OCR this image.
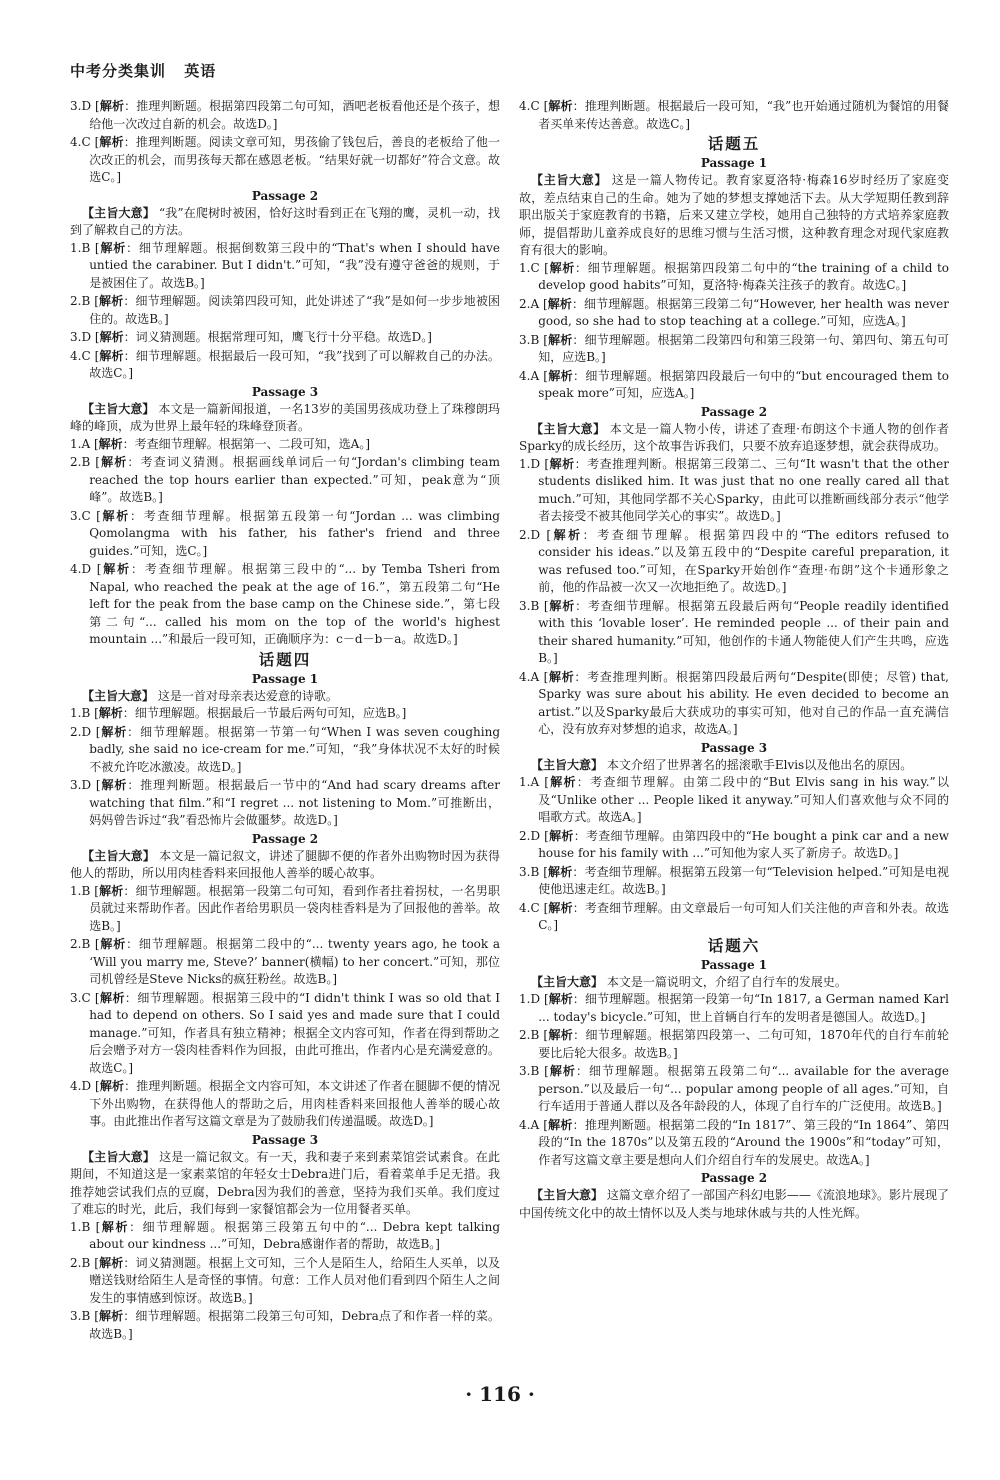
中考分类集训 英语

3.D [解析：推理判断题。根据第四段第二句可知，酒吧老板看他还是个孩子，想给他一次改过自新的机会。故选D。]

4.C [解析：推理判断题。阅读文章可知，男孩偷了钱包后，善良的老板给了他一次改正的机会，而男孩每天都在感恩老板。“结果好就一切都好”符合文意。故选C。]

Passage 2

【主旨大意】 “我”在爬树时被困，恰好这时看到正在飞翔的鹰，灵机一动，找到了解救自己的方法。

1.B [解析：细节理解题。根据倒数第三段中的“That's when I should have untied the carabiner. But I didn't.”可知，“我”没有遵守爸爸的规则，于是被困住了。故选B。]

2.B [解析：细节理解题。阅读第四段可知，此处讲述了“我”是如何一步步地被困住的。故选B。]

3.D [解析：词义猜测题。根据常理可知，鹰飞行十分平稳。故选D。]

4.C [解析：细节理解题。根据最后一段可知，“我”找到了可以解救自己的办法。故选C。]

Passage 3

【主旨大意】 本文是一篇新闻报道，一名13岁的美国男孩成功登上了珠穆朗玛峰的峰顶，成为世界上最年轻的珠峰登顶者。

1.A [解析：考查细节理解。根据第一、二段可知，选A。]

2.B [解析：考查词义猜测。根据画线单词后一句“Jordan's climbing team reached the top hours earlier than expected.”可知，peak意为“顶峰”。故选B。]

3.C [解析：考查细节理解。根据第五段第一句“Jordan ... was climbing Qomolangma with his father, his father's friend and three guides.”可知，选C。]

4.D [解析：考查细节理解。根据第三段中的“... by Temba Tsheri from Napal, who reached the peak at the age of 16.”，第五段第二句“He left for the peak from the base camp on the Chinese side.”，第七段第二句“... called his mom on the top of the world's highest mountain ...”和最后一段可知，正确顺序为：c－d－b－a。故选D。]

话题四
Passage 1

【主旨大意】 这是一首对母亲表达爱意的诗歌。

1.B [解析：细节理解题。根据最后一节最后两句可知，应选B。]

2.D [解析：细节理解题。根据第一节第一句“When I was seven coughing badly, she said no ice-cream for me.”可知，“我”身体状况不太好的时候不被允许吃冰激凌。故选D。]

3.D [解析：推理判断题。根据最后一节中的“And had scary dreams after watching that film.”和“I regret ... not listening to Mom.”可推断出，妈妈曾告诉过“我”看恐怖片会做噩梦。故选D。]

Passage 2

【主旨大意】 本文是一篇记叙文，讲述了腿脚不便的作者外出购物时因为获得他人的帮助，所以用肉桂香料来回报他人善举的暖心故事。

1.B [解析：细节理解题。根据第一段第二句可知，看到作者拄着拐杖，一名男职员就过来帮助作者。因此作者给男职员一袋肉桂香料是为了回报他的善举。故选B。]

2.B [解析：细节理解题。根据第二段中的“... twenty years ago, he took a ‘Will you marry me, Steve?’ banner(横幅) to her concert.”可知，那位司机曾经是Steve Nicks的疯狂粉丝。故选B。]

3.C [解析：细节理解题。根据第三段中的“I didn't think I was so old that I had to depend on others. So I said yes and made sure that I could manage.”可知，作者具有独立精神；根据全文内容可知，作者在得到帮助之后会赠予对方一袋肉桂香料作为回报，由此可推出，作者内心是充满爱意的。故选C。]

4.D [解析：推理判断题。根据全文内容可知，本文讲述了作者在腿脚不便的情况下外出购物，在获得他人的帮助之后，用肉桂香料来回报他人善举的暖心故事。由此推出作者写这篇文章是为了鼓励我们传递温暖。故选D。]

Passage 3

【主旨大意】 这是一篇记叙文。有一天，我和妻子来到素菜馆尝试素食。在此期间，不知道这是一家素菜馆的年轻女士Debra进门后，看着菜单手足无措。我推荐她尝试我们点的豆腐，Debra因为我们的善意，坚持为我们买单。我们度过了难忘的时光，此后，我们每到一家餐馆都会为一位用餐者买单。

1.B [解析：细节理解题。根据第三段第五句中的“... Debra kept talking about our kindness ...”可知，Debra感谢作者的帮助，故选B。]

2.B [解析：词义猜测题。根据上文可知，三个人是陌生人，给陌生人买单，以及赠送钱财给陌生人是奇怪的事情。句意：工作人员对他们看到四个陌生人之间发生的事情感到惊讶。故选B。]

3.B [解析：细节理解题。根据第二段第三句可知，Debra点了和作者一样的菜。故选B。]

4.C [解析：推理判断题。根据最后一段可知，“我”也开始通过随机为餐馆的用餐者买单来传达善意。故选C。]

话题五
Passage 1

【主旨大意】 这是一篇人物传记。教育家夏洛特·梅森16岁时经历了家庭变故，差点结束自己的生命。她为了她的梦想支撑她活下去。从大学短期任教到辞职出版关于家庭教育的书籍，后来又建立学校，她用自己独特的方式培养家庭教师，提倡帮助儿童养成良好的思维习惯与生活习惯，这种教育理念对现代家庭教育有很大的影响。

1.C [解析：细节理解题。根据第四段第二句中的“the training of a child to develop good habits”可知，夏洛特·梅森关注孩子的教育。故选C。]

2.A [解析：细节理解题。根据第三段第二句“However, her health was never good, so she had to stop teaching at a college.”可知，应选A。]

3.B [解析：细节理解题。根据第二段第四句和第三段第一句、第四句、第五句可知，应选B。]

4.A [解析：细节理解题。根据第四段最后一句中的“but encouraged them to speak more”可知，应选A。]

Passage 2

【主旨大意】 本文是一篇人物小传，讲述了查理·布朗这个卡通人物的创作者Sparky的成长经历，这个故事告诉我们，只要不放弃追逐梦想，就会获得成功。

1.D [解析：考查推理判断。根据第三段第二、三句“It wasn't that the other students disliked him. It was just that no one really cared all that much.”可知，其他同学都不关心Sparky，由此可以推断画线部分表示“他学者去接受不被其他同学关心的事实”。故选D。]

2.D [解析：考查细节理解。根据第四段中的“The editors refused to consider his ideas.”以及第五段中的“Despite careful preparation, it was refused too.”可知，在Sparky开始创作“查理·布朗”这个卡通形象之前，他的作品被一次又一次地拒绝了。故选D。]

3.B [解析：考查细节理解。根据第五段最后两句“People readily identified with this ‘lovable loser’. He reminded people ... of their pain and their shared humanity.”可知，他创作的卡通人物能使人们产生共鸣，应选B。]

4.A [解析：考查推理判断。根据第四段最后两句“Despite(即使；尽管) that, Sparky was sure about his ability. He even decided to become an artist.”以及Sparky最后大获成功的事实可知，他对自己的作品一直充满信心，没有放弃对梦想的追求，故选A。]

Passage 3

【主旨大意】 本文介绍了世界著名的摇滚歌手Elvis以及他出名的原因。

1.A [解析：考查细节理解。由第二段中的“But Elvis sang in his way.”以及“Unlike other ... People liked it anyway.”可知人们喜欢他与众不同的唱歌方式。故选A。]

2.D [解析：考查细节理解。由第四段中的“He bought a pink car and a new house for his family with ...”可知他为家人买了新房子。故选D。]

3.B [解析：考查细节理解。根据第五段第一句“Television helped.”可知是电视使他迅速走红。故选B。]

4.C [解析：考查细节理解。由文章最后一句可知人们关注他的声音和外表。故选C。]

话题六
Passage 1

【主旨大意】 本文是一篇说明文，介绍了自行车的发展史。

1.D [解析：细节理解题。根据第一段第一句“In 1817, a German named Karl ... today's bicycle.”可知，世上首辆自行车的发明者是德国人。故选D。]

2.B [解析：细节理解题。根据第四段第一、二句可知，1870年代的自行车前轮要比后轮大很多。故选B。]

3.B [解析：细节理解题。根据第五段第二句“... available for the average person.”以及最后一句“... popular among people of all ages.”可知，自行车适用于普通人群以及各年龄段的人，体现了自行车的广泛使用。故选B。]

4.A [解析：推理判断题。根据第二段的“In 1817”、第三段的“In 1864”、第四段的“In the 1870s”以及第五段的“Around the 1900s”和“today”可知，作者写这篇文章主要是想向人们介绍自行车的发展史。故选A。]

Passage 2

【主旨大意】 这篇文章介绍了一部国产科幻电影——《流浪地球》。影片展现了中国传统文化中的故土情怀以及人类与地球休戚与共的人性光辉。

· 116 ·
